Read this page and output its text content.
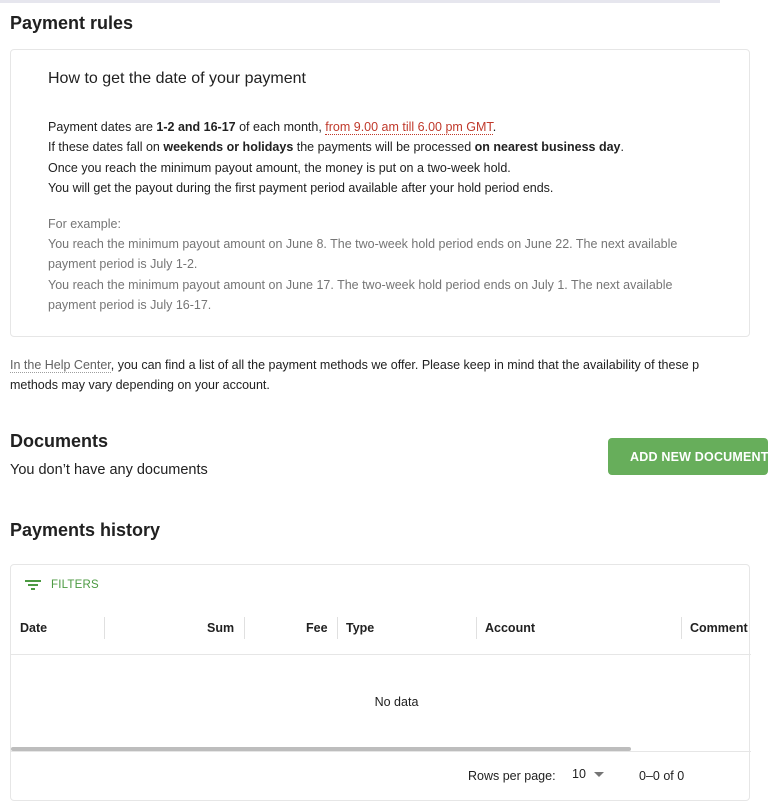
Payment rules
How to get the date of your payment
Payment dates are 1-2 and 16-17 of each month, from 9.00 am till 6.00 pm GMT.
If these dates fall on weekends or holidays the payments will be processed on nearest business day.
Once you reach the minimum payout amount, the money is put on a two-week hold.
You will get the payout during the first payment period available after your hold period ends.
For example:
You reach the minimum payout amount on June 8. The two-week hold period ends on June 22. The next available
payment period is July 1-2.
You reach the minimum payout amount on June 17. The two-week hold period ends on July 1. The next available
payment period is July 16-17.
In the Help Center, you can find a list of all the payment methods we offer. Please keep in mind that the availability of these p
methods may vary depending on your account.
Documents
You don’t have any documents
ADD NEW DOCUMENT
Payments history
FILTERS
Date	Sum	Fee Type	Account	Comment
No data
Rows per page: 10	0–0 of 0
